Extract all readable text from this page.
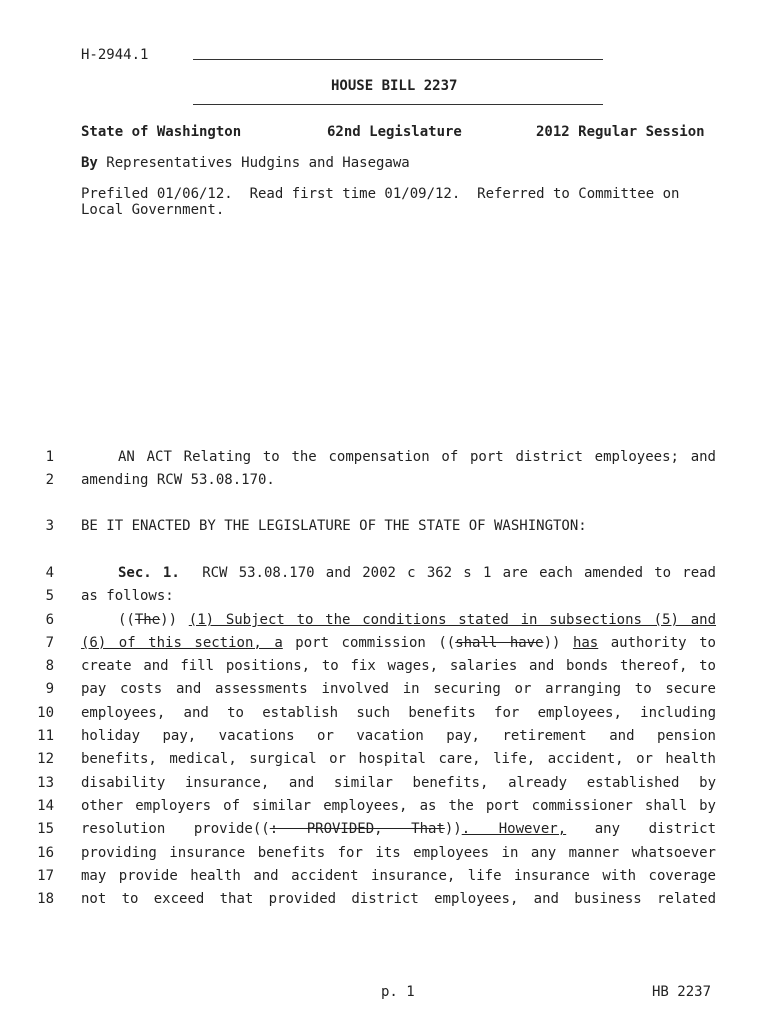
H-2944.1
HOUSE BILL 2237
State of Washington	62nd Legislature	2012 Regular Session
By Representatives Hudgins and Hasegawa
Prefiled 01/06/12.  Read first time 01/09/12.  Referred to Committee on
Local Government.
1	AN ACT Relating to the compensation of port district employees; and
2 amending RCW 53.08.170.
3 BE IT ENACTED BY THE LEGISLATURE OF THE STATE OF WASHINGTON:
4	Sec. 1. RCW 53.08.170 and 2002 c 362 s 1 are each amended to read
5 as follows:
6	((The)) (1) Subject to the conditions stated in subsections (5) and
7 (6) of this section, a port commission ((shall have)) has authority to
8 create and fill positions, to fix wages, salaries and bonds thereof, to
9 pay costs and assessments involved in securing or arranging to secure
10 employees, and to establish such benefits for employees, including
11 holiday pay, vacations or vacation pay, retirement and pension
12 benefits, medical, surgical or hospital care, life, accident, or health
13 disability insurance, and similar benefits, already established by
14 other employers of similar employees, as the port commissioner shall by
15 resolution provide((: PROVIDED, That)). However, any district
16 providing insurance benefits for its employees in any manner whatsoever
17 may provide health and accident insurance, life insurance with coverage
18 not to exceed that provided district employees, and business related
p. 1	HB 2237
